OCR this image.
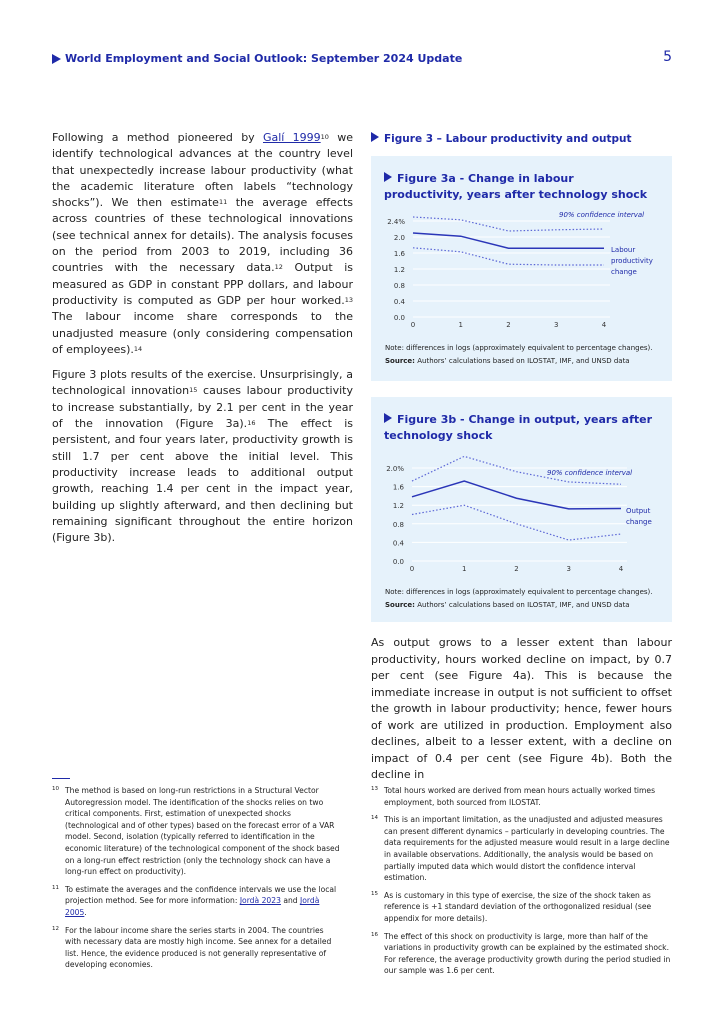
World Employment and Social Outlook: September 2024 Update	5

Following a method pioneered by Galí 1999$^{10}$ we identify technological advances at the country level that unexpectedly increase labour productivity (what the academic literature often labels “technology shocks”). We then estimate$^{11}$ the average effects across countries of these technological innovations (see technical annex for details). The analysis focuses on the period from 2003 to 2019, including 36 countries with the necessary data.$^{12}$ Output is measured as GDP in constant PPP dollars, and labour productivity is computed as GDP per hour worked.$^{13}$ The labour income share corresponds to the unadjusted measure (only considering compensation of employees).$^{14}$

Figure 3 plots results of the exercise. Unsurprisingly, a technological innovation$^{15}$ causes labour productivity to increase substantially, by 2.1 per cent in the year of the innovation (Figure 3a).$^{16}$ The effect is persistent, and four years later, productivity growth is still 1.7 per cent above the initial level. This productivity increase leads to additional output growth, reaching 1.4 per cent in the impact year, building up slightly afterward, and then declining but remaining significant throughout the entire horizon (Figure 3b).

Figure 3 – Labour productivity and output
Figure 3a - Change in labour productivity, years after technology shock
0.0
0.4
0.8
1.2
1.6
2.0
2.4%
0	1	2	3	4
90% confidence interval
Labour
productivity
change
Note: differences in logs (approximately equivalent to percentage changes).
Source: Authors’ calculations based on ILOSTAT, IMF, and UNSD data
Figure 3b - Change in output, years after technology shock
0.0
0.4
0.8
1.2
1.6
2.0%
0	1	2	3	4
90% confidence interval
Output
change
Note: differences in logs (approximately equivalent to percentage changes).
Source: Authors’ calculations based on ILOSTAT, IMF, and UNSD data
As output grows to a lesser extent than labour productivity, hours worked decline on impact, by 0.7 per cent (see Figure 4a). This is because the immediate increase in output is not sufficient to offset the growth in labour productivity; hence, fewer hours of work are utilized in production. Employment also declines, albeit to a lesser extent, with a decline on impact of 0.4 per cent (see Figure 4b). Both the decline in
10 The method is based on long-run restrictions in a Structural Vector Autoregression model. The identification of the shocks relies on two critical components. First, estimation of unexpected shocks (technological and of other types) based on the forecast error of a VAR model. Second, isolation (typically referred to identification in the economic literature) of the technological component of the shock based on a long-run effect restriction (only the technology shock can have a long-run effect on productivity).
11 To estimate the averages and the confidence intervals we use the local projection method. See for more information: Jordà 2023 and Jordà 2005.
12 For the labour income share the series starts in 2004. The countries with necessary data are mostly high income. See annex for a detailed list. Hence, the evidence produced is not generally representative of developing economies.
13 Total hours worked are derived from mean hours actually worked times employment, both sourced from ILOSTAT.
14 This is an important limitation, as the unadjusted and adjusted measures can present different dynamics – particularly in developing countries. The data requirements for the adjusted measure would result in a large decline in available observations. Additionally, the analysis would be based on partially imputed data which would distort the confidence interval estimation.
15 As is customary in this type of exercise, the size of the shock taken as reference is +1 standard deviation of the orthogonalized residual (see appendix for more details).
16 The effect of this shock on productivity is large, more than half of the variations in productivity growth can be explained by the estimated shock. For reference, the average productivity growth during the period studied in our sample was 1.6 per cent.
